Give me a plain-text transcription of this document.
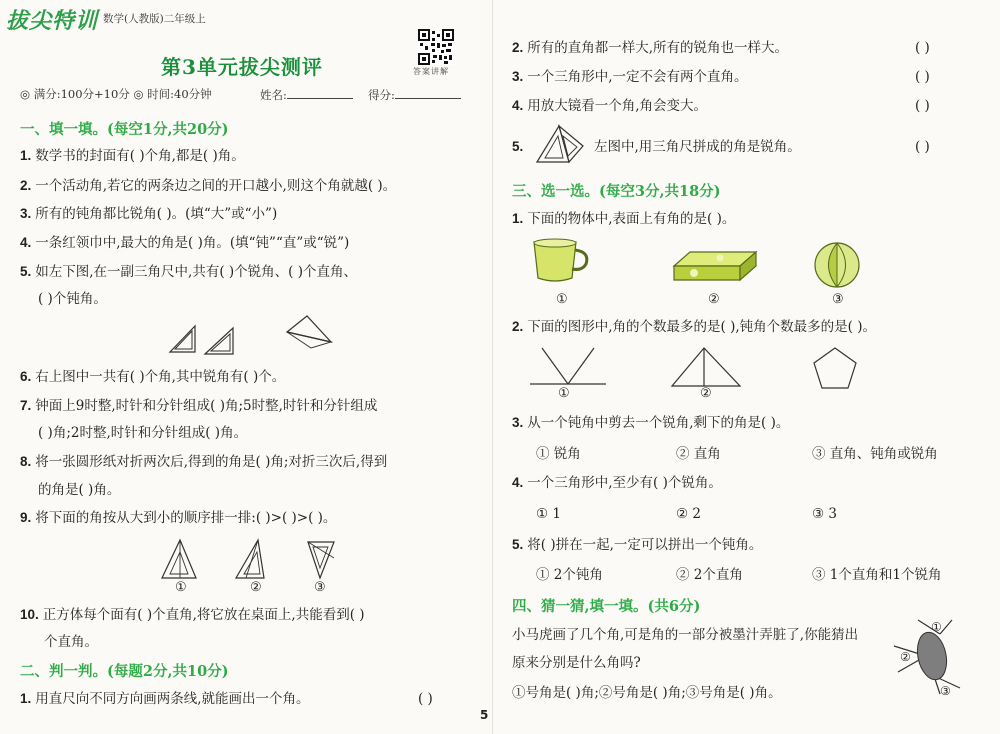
拔尖特训 数学(人教版)二年级上
第3单元拔尖测评	答案讲解
◎ 满分:100分+10分 ◎ 时间:40分钟	姓名:	得分:
一、填一填。(每空1分,共20分)
1. 数学书的封面有( )个角,都是( )角。
2. 一个活动角,若它的两条边之间的开口越小,则这个角就越( )。
3. 所有的钝角都比锐角( )。(填“大”或“小”)
4. 一条红领巾中,最大的角是( )角。(填“钝”“直”或“锐”)
5. 如左下图,在一副三角尺中,共有( )个锐角、( )个直角、
( )个钝角。
6. 右上图中一共有( )个角,其中锐角有( )个。
7. 钟面上9时整,时针和分针组成( )角;5时整,时针和分针组成
( )角;2时整,时针和分针组成( )角。
8. 将一张圆形纸对折两次后,得到的角是( )角;对折三次后,得到
的角是( )角。
9. 将下面的角按从大到小的顺序排一排:( )>( )>( )。
①	②	③
10. 正方体每个面有( )个直角,将它放在桌面上,共能看到( )
个直角。
二、判一判。(每题2分,共10分)
1. 用直尺向不同方向画两条线,就能画出一个角。	( )
2. 所有的直角都一样大,所有的锐角也一样大。	( )
3. 一个三角形中,一定不会有两个直角。	( )
4. 用放大镜看一个角,角会变大。	( )
5.	左图中,用三角尺拼成的角是锐角。	( )
三、选一选。(每空3分,共18分)
1. 下面的物体中,表面上有角的是( )。
①	②	③
2. 下面的图形中,角的个数最多的是( ),钝角个数最多的是( )。
①	②
3. 从一个钝角中剪去一个锐角,剩下的角是( )。
① 锐角	② 直角	③ 直角、钝角或锐角
4. 一个三角形中,至少有( )个锐角。
① 1	② 2	③ 3
5. 将( )拼在一起,一定可以拼出一个钝角。
① 2个钝角	② 2个直角	③ 1个直角和1个锐角
四、猜一猜,填一填。(共6分)
小马虎画了几个角,可是角的一部分被墨汁弄脏了,你能猜出
原来分别是什么角吗?
①号角是( )角;②号角是( )角;③号角是( )角。
①
②
③
5
